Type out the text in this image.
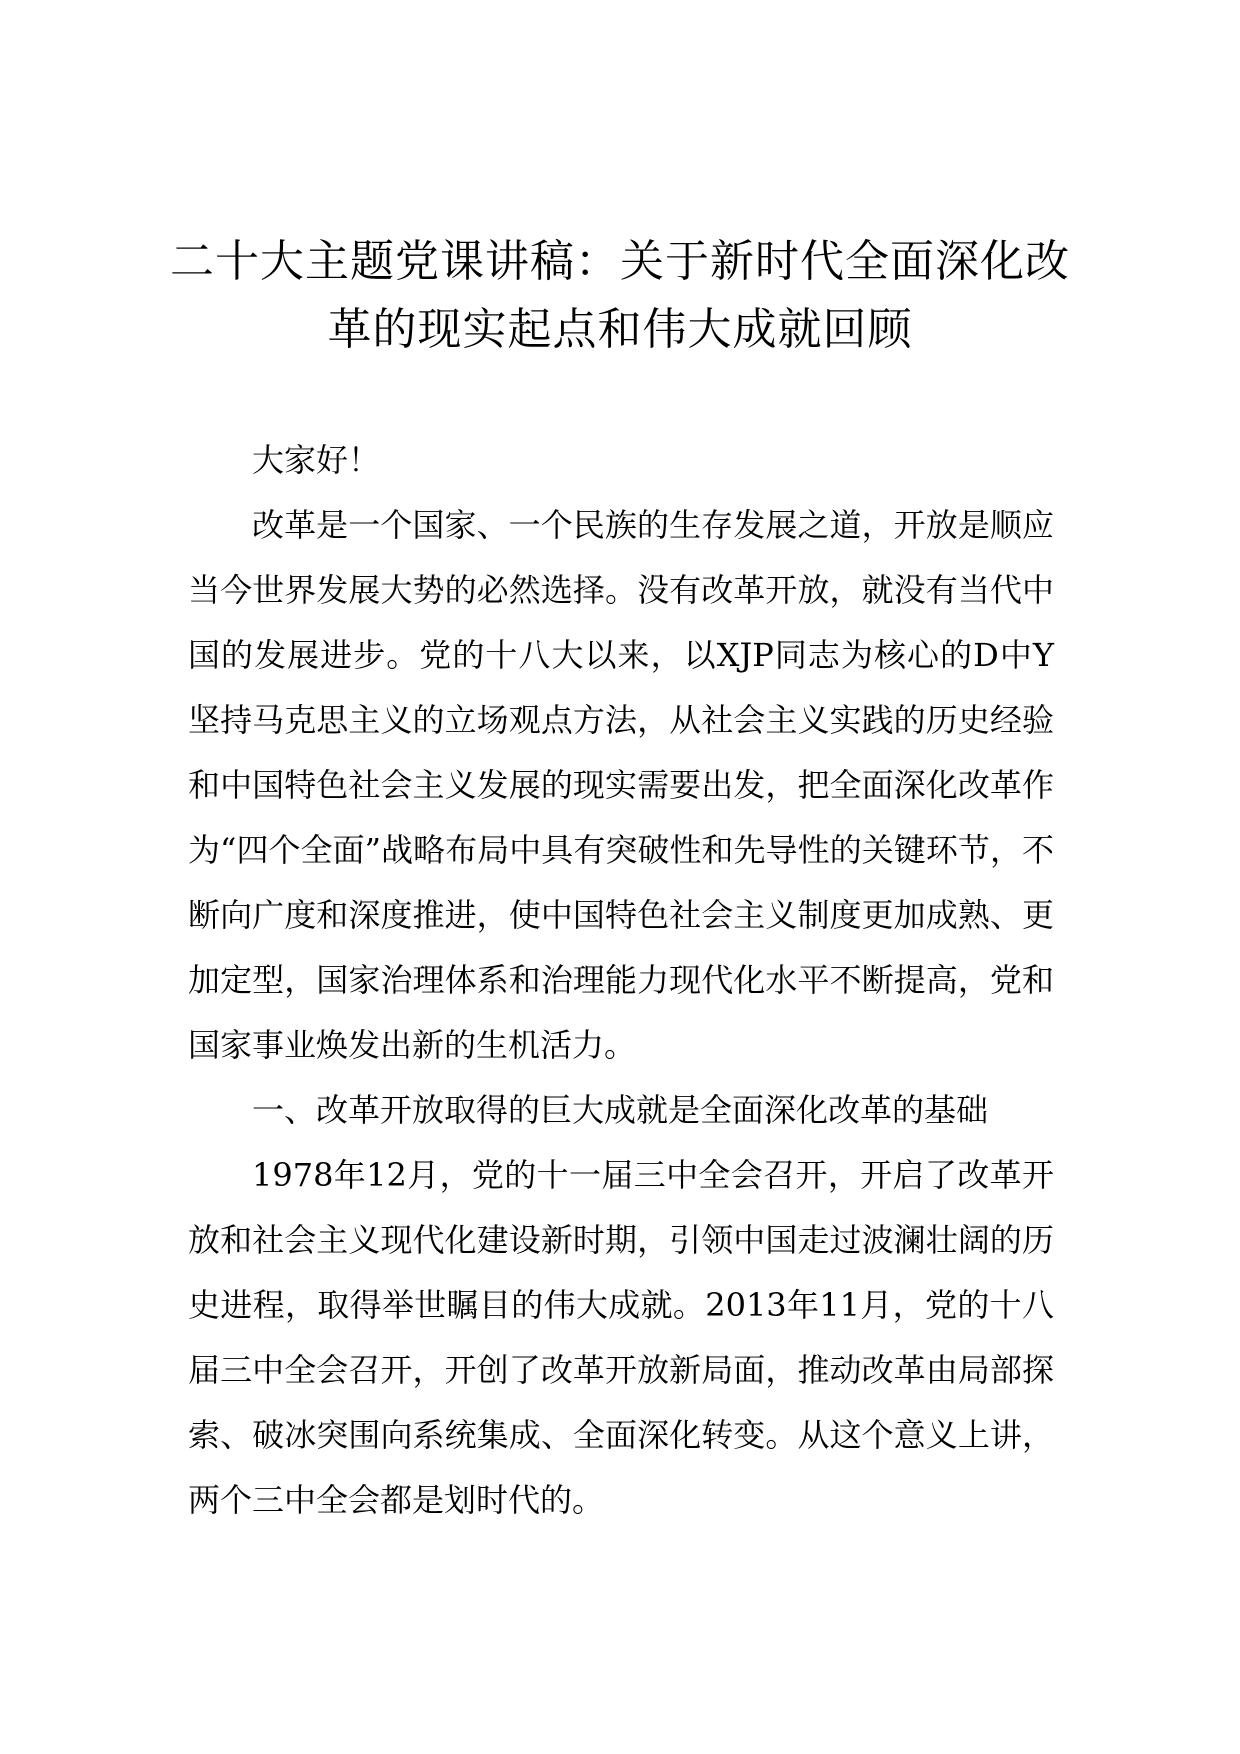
二十大主题党课讲稿：关于新时代全面深化改革的现实起点和伟大成就回顾

大家好！

改革是一个国家、一个民族的生存发展之道，开放是顺应当今世界发展大势的必然选择。没有改革开放，就没有当代中国的发展进步。党的十八大以来，以XJP同志为核心的D中Y坚持马克思主义的立场观点方法，从社会主义实践的历史经验和中国特色社会主义发展的现实需要出发，把全面深化改革作为“四个全面”战略布局中具有突破性和先导性的关键环节，不断向广度和深度推进，使中国特色社会主义制度更加成熟、更加定型，国家治理体系和治理能力现代化水平不断提高，党和国家事业焕发出新的生机活力。

一、改革开放取得的巨大成就是全面深化改革的基础

1978年12月，党的十一届三中全会召开，开启了改革开放和社会主义现代化建设新时期，引领中国走过波澜壮阔的历史进程，取得举世瞩目的伟大成就。2013年11月，党的十八届三中全会召开，开创了改革开放新局面，推动改革由局部探索、破冰突围向系统集成、全面深化转变。从这个意义上讲，两个三中全会都是划时代的。
